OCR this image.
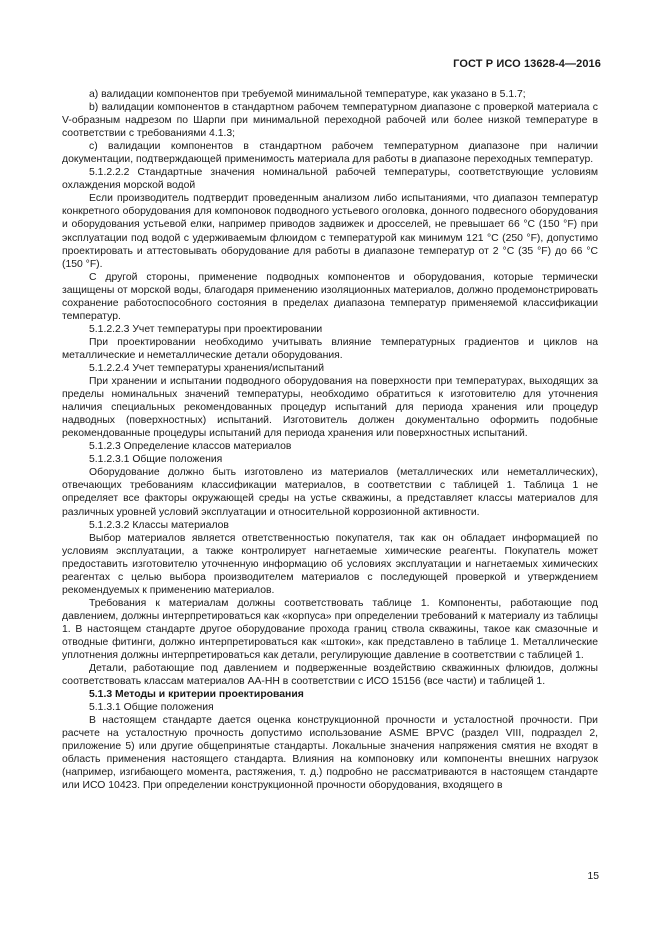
ГОСТ Р ИСО 13628-4—2016

a) валидации компонентов при требуемой минимальной температуре, как указано в 5.1.7;

b) валидации компонентов в стандартном рабочем температурном диапазоне с проверкой материала с V-образным надрезом по Шарпи при минимальной переходной рабочей или более низкой температуре в соответствии с требованиями 4.1.3;

c) валидации компонентов в стандартном рабочем температурном диапазоне при наличии документации, подтверждающей применимость материала для работы в диапазоне переходных температур.

5.1.2.2.2 Стандартные значения номинальной рабочей температуры, соответствующие условиям охлаждения морской водой

Если производитель подтвердит проведенным анализом либо испытаниями, что диапазон температур конкретного оборудования для компоновок подводного устьевого оголовка, донного подвесного оборудования и оборудования устьевой елки, например приводов задвижек и дросселей, не превышает 66 °C (150 °F) при эксплуатации под водой с удерживаемым флюидом с температурой как минимум 121 °C (250 °F), допустимо проектировать и аттестовывать оборудование для работы в диапазоне температур от 2 °C (35 °F) до 66 °C (150 °F).

С другой стороны, применение подводных компонентов и оборудования, которые термически защищены от морской воды, благодаря применению изоляционных материалов, должно продемонстрировать сохранение работоспособного состояния в пределах диапазона температур применяемой классификации температур.

5.1.2.2.3 Учет температуры при проектировании

При проектировании необходимо учитывать влияние температурных градиентов и циклов на металлические и неметаллические детали оборудования.

5.1.2.2.4 Учет температуры хранения/испытаний

При хранении и испытании подводного оборудования на поверхности при температурах, выходящих за пределы номинальных значений температуры, необходимо обратиться к изготовителю для уточнения наличия специальных рекомендованных процедур испытаний для периода хранения или процедур надводных (поверхностных) испытаний. Изготовитель должен документально оформить подобные рекомендованные процедуры испытаний для периода хранения или поверхностных испытаний.

5.1.2.3 Определение классов материалов

5.1.2.3.1 Общие положения

Оборудование должно быть изготовлено из материалов (металлических или неметаллических), отвечающих требованиям классификации материалов, в соответствии с таблицей 1. Таблица 1 не определяет все факторы окружающей среды на устье скважины, а представляет классы материалов для различных уровней условий эксплуатации и относительной коррозионной активности.

5.1.2.3.2 Классы материалов

Выбор материалов является ответственностью покупателя, так как он обладает информацией по условиям эксплуатации, а также контролирует нагнетаемые химические реагенты. Покупатель может предоставить изготовителю уточненную информацию об условиях эксплуатации и нагнетаемых химических реагентах с целью выбора производителем материалов с последующей проверкой и утверждением рекомендуемых к применению материалов.

Требования к материалам должны соответствовать таблице 1. Компоненты, работающие под давлением, должны интерпретироваться как «корпуса» при определении требований к материалу из таблицы 1. В настоящем стандарте другое оборудование прохода границ ствола скважины, такое как смазочные и отводные фитинги, должно интерпретироваться как «штоки», как представлено в таблице 1. Металлические уплотнения должны интерпретироваться как детали, регулирующие давление в соответствии с таблицей 1.

Детали, работающие под давлением и подверженные воздействию скважинных флюидов, должны соответствовать классам материалов AA-HH в соответствии с ИСО 15156 (все части) и таблицей 1.

5.1.3 Методы и критерии проектирования

5.1.3.1 Общие положения

В настоящем стандарте дается оценка конструкционной прочности и усталостной прочности. При расчете на усталостную прочность допустимо использование ASME BPVC (раздел VIII, подраздел 2, приложение 5) или другие общепринятые стандарты. Локальные значения напряжения смятия не входят в область применения настоящего стандарта. Влияния на компоновку или компоненты внешних нагрузок (например, изгибающего момента, растяжения, т. д.) подробно не рассматриваются в настоящем стандарте или ИСО 10423. При определении конструкционной прочности оборудования, входящего в

15
